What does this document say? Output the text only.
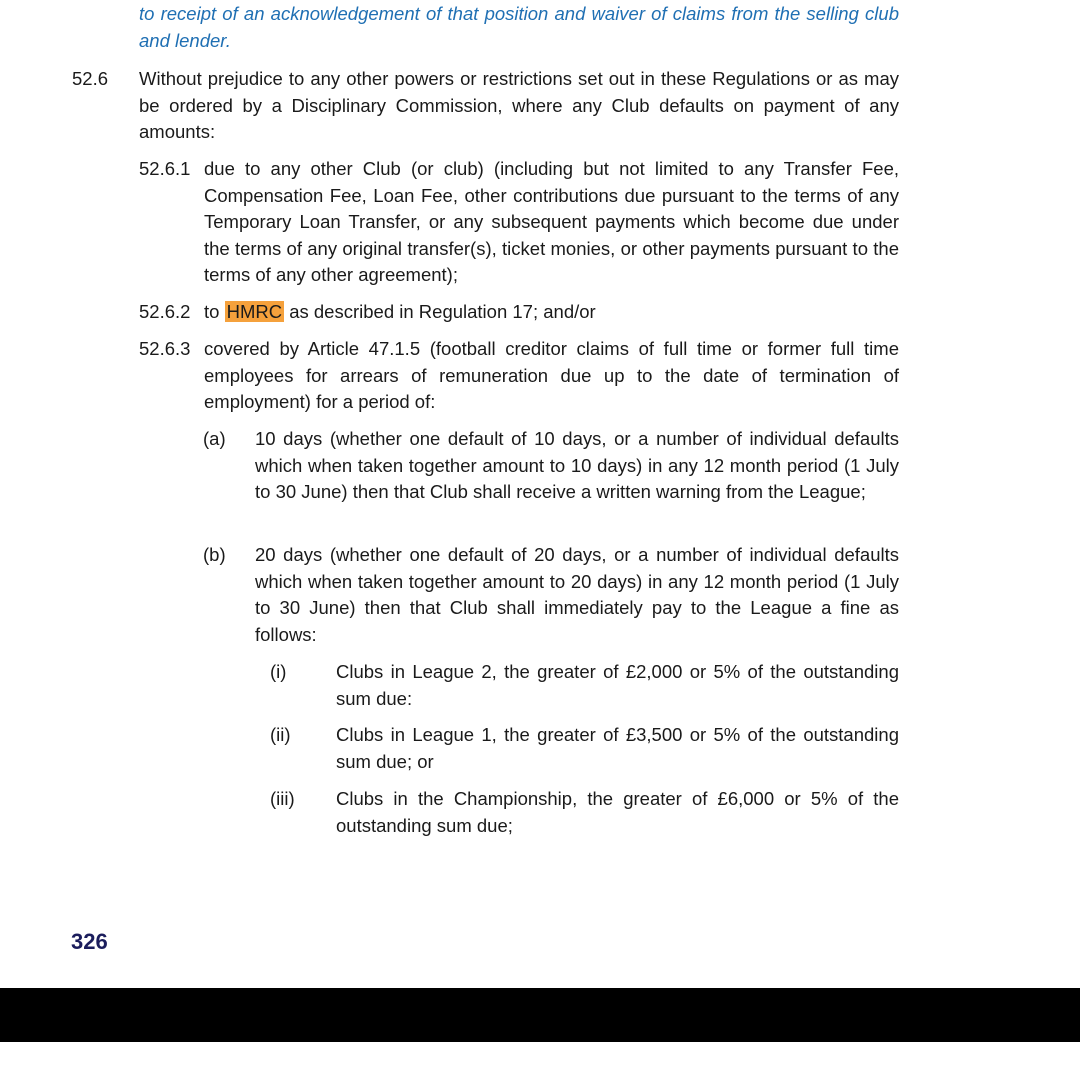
to receipt of an acknowledgement of that position and waiver of claims from the selling club and lender.
52.6 Without prejudice to any other powers or restrictions set out in these Regulations or as may be ordered by a Disciplinary Commission, where any Club defaults on payment of any amounts:
52.6.1 due to any other Club (or club) (including but not limited to any Transfer Fee, Compensation Fee, Loan Fee, other contributions due pursuant to the terms of any Temporary Loan Transfer, or any subsequent payments which become due under the terms of any original transfer(s), ticket monies, or other payments pursuant to the terms of any other agreement);
52.6.2 to HMRC as described in Regulation 17; and/or
52.6.3 covered by Article 47.1.5 (football creditor claims of full time or former full time employees for arrears of remuneration due up to the date of termination of employment) for a period of:
(a) 10 days (whether one default of 10 days, or a number of individual defaults which when taken together amount to 10 days) in any 12 month period (1 July to 30 June) then that Club shall receive a written warning from the League;
(b) 20 days (whether one default of 20 days, or a number of individual defaults which when taken together amount to 20 days) in any 12 month period (1 July to 30 June) then that Club shall immediately pay to the League a fine as follows:
(i)	Clubs in League 2, the greater of £2,000 or 5% of the outstanding sum due:
(ii) Clubs in League 1, the greater of £3,500 or 5% of the outstanding sum due; or
(iii) Clubs in the Championship, the greater of £6,000 or 5% of the outstanding sum due;
326
